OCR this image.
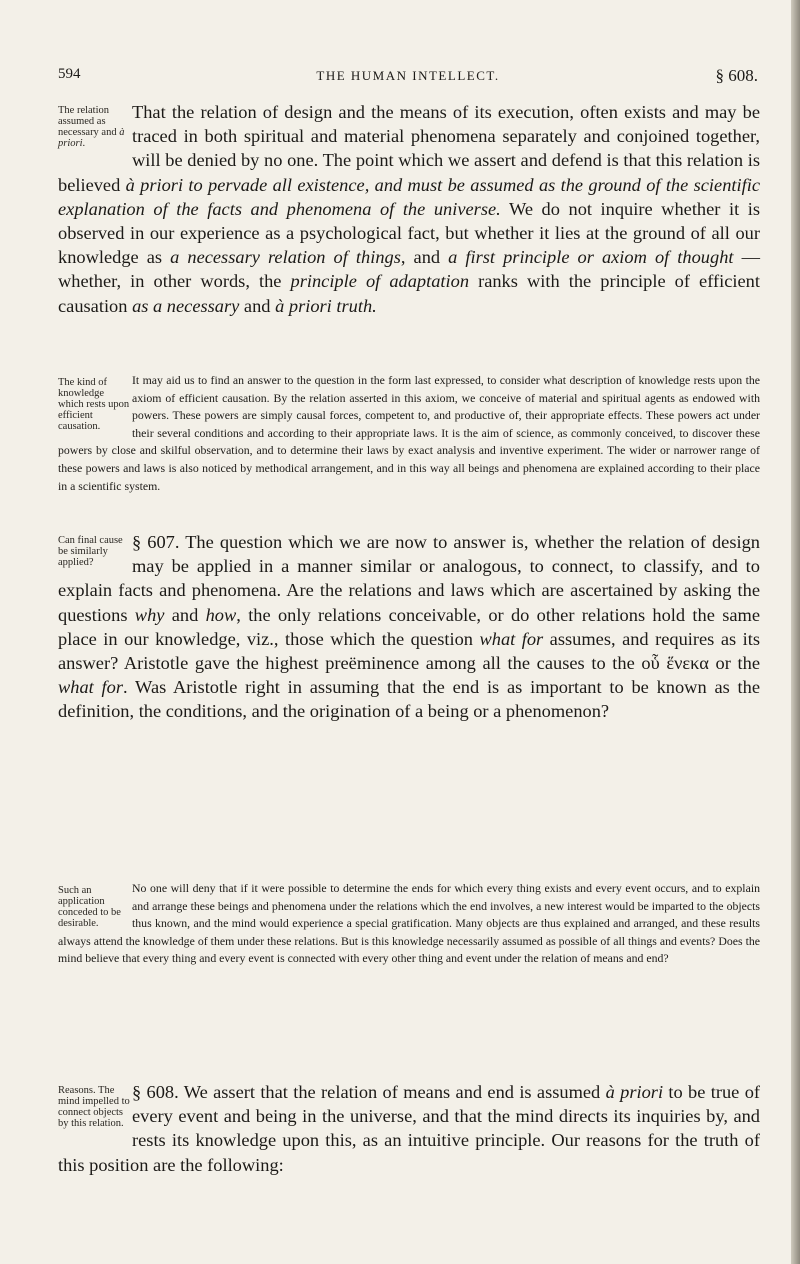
594	THE HUMAN INTELLECT.	§ 608.
The relation assumed as necessary and à priori.
That the relation of design and the means of its execution, often exists and may be traced in both spiritual and material phenomena separately and conjoined together, will be denied by no one. The point which we assert and defend is that this relation is believed à priori to pervade all existence, and must be assumed as the ground of the scientific explanation of the facts and phenomena of the universe. We do not inquire whether it is observed in our experience as a psychological fact, but whether it lies at the ground of all our knowledge as a necessary relation of things, and a first principle or axiom of thought —whether, in other words, the principle of adaptation ranks with the principle of efficient causation as a necessary and à priori truth.
The kind of knowledge which rests upon efficient causation.
It may aid us to find an answer to the question in the form last expressed, to consider what description of knowledge rests upon the axiom of efficient causation. By the relation asserted in this axiom, we conceive of material and spiritual agents as endowed with powers. These powers are simply causal forces, competent to, and productive of, their appropriate effects. These powers act under their several conditions and according to their appropriate laws. It is the aim of science, as commonly conceived, to discover these powers by close and skilful observation, and to determine their laws by exact analysis and inventive experiment. The wider or narrower range of these powers and laws is also noticed by methodical arrangement, and in this way all beings and phenomena are explained according to their place in a scientific system.
Can final cause be similarly applied?
§ 607. The question which we are now to answer is, whether the relation of design may be applied in a manner similar or analogous, to connect, to classify, and to explain facts and phenomena. Are the relations and laws which are ascertained by asking the questions why and how, the only relations conceivable, or do other relations hold the same place in our knowledge, viz., those which the question what for assumes, and requires as its answer? Aristotle gave the highest preëminence among all the causes to the οὗ ἕνεκα or the what for. Was Aristotle right in assuming that the end is as important to be known as the definition, the conditions, and the origination of a being or a phenomenon?
Such an application conceded to be desirable.
No one will deny that if it were possible to determine the ends for which every thing exists and every event occurs, and to explain and arrange these beings and phenomena under the relations which the end involves, a new interest would be imparted to the objects thus known, and the mind would experience a special gratification. Many objects are thus explained and arranged, and these results always attend the knowledge of them under these relations. But is this knowledge necessarily assumed as possible of all things and events? Does the mind believe that every thing and every event is connected with every other thing and event under the relation of means and end?
Reasons. The mind impelled to connect objects by this relation.
§ 608. We assert that the relation of means and end is assumed à priori to be true of every event and being in the universe, and that the mind directs its inquiries by, and rests its knowledge upon this, as an intuitive principle. Our reasons for the truth of this position are the following:
